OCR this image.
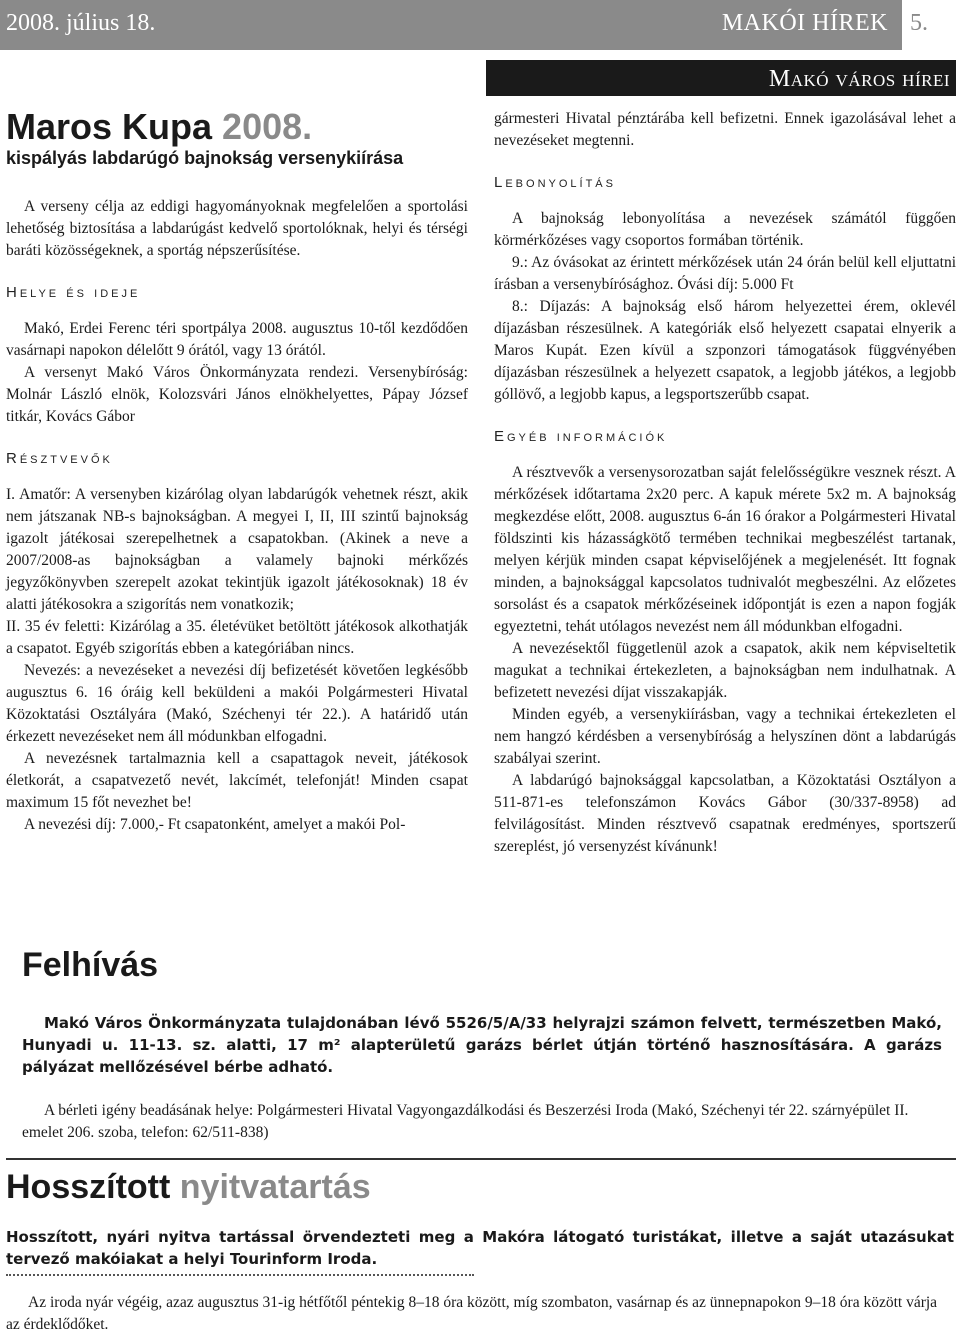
2008. július 18.	MAKÓI HÍREK 5.
Makó város hírei
Maros Kupa 2008.
kispályás labdarúgó bajnokság versenykiírása

A verseny célja az eddigi hagyományoknak megfelelően a sportolási lehetőség biztosítása a labdarúgást kedvelő sportolóknak, helyi és térségi baráti közösségeknek, a sportág népszerűsítése.

Helye és ideje

Makó, Erdei Ferenc téri sportpálya 2008. augusztus 10-től kezdődően vasárnapi napokon délelőtt 9 órától, vagy 13 órától.

A versenyt Makó Város Önkormányzata rendezi. Versenybíróság: Molnár László elnök, Kolozsvári János elnökhelyettes, Pápay József titkár, Kovács Gábor

Résztvevők

I. Amatőr: A versenyben kizárólag olyan labdarúgók vehetnek részt, akik nem játszanak NB-s bajnokságban. A megyei I, II, III szintű bajnokság igazolt játékosai szerepelhetnek a csapatokban. (Akinek a neve a 2007/2008-as bajnokságban a valamely bajnoki mérkőzés jegyzőkönyvben szerepelt azokat tekintjük igazolt játékosoknak) 18 év alatti játékosokra a szigorítás nem vonatkozik;

II. 35 év feletti: Kizárólag a 35. életévüket betöltött játékosok alkothatják a csapatot. Egyéb szigorítás ebben a kategóriában nincs.

Nevezés: a nevezéseket a nevezési díj befizetését követően legkésőbb augusztus 6. 16 óráig kell beküldeni a makói Polgármesteri Hivatal Közoktatási Osztályára (Makó, Széchenyi tér 22.). A határidő után érkezett nevezéseket nem áll módunkban elfogadni.

A nevezésnek tartalmaznia kell a csapattagok neveit, játékosok életkorát, a csapatvezető nevét, lakcímét, telefonját! Minden csapat maximum 15 főt nevezhet be!

A nevezési díj: 7.000,- Ft csapatonként, amelyet a makói Pol-

gármesteri Hivatal pénztárába kell befizetni. Ennek igazolásával lehet a nevezéseket megtenni.

Lebonyolítás

A bajnokság lebonyolítása a nevezések számától függően körmérkőzéses vagy csoportos formában történik.

9.: Az óvásokat az érintett mérkőzések után 24 órán belül kell eljuttatni írásban a versenybírósághoz. Óvási díj: 5.000 Ft

8.: Díjazás: A bajnokság első három helyezettei érem, oklevél díjazásban részesülnek. A kategóriák első helyezett csapatai elnyerik a Maros Kupát. Ezen kívül a szponzori támogatások függvényében díjazásban részesülnek a helyezett csapatok, a legjobb játékos, a legjobb góllövő, a legjobb kapus, a legsportszerűbb csapat.

Egyéb információk

A résztvevők a versenysorozatban saját felelősségükre vesznek részt. A mérkőzések időtartama 2x20 perc. A kapuk mérete 5x2 m. A bajnokság megkezdése előtt, 2008. augusztus 6-án 16 órakor a Polgármesteri Hivatal földszinti kis házasságkötő termében technikai megbeszélést tartanak, melyen kérjük minden csapat képviselőjének a megjelenését. Itt fognak minden, a bajnoksággal kapcsolatos tudnivalót megbeszélni. Az előzetes sorsolást és a csapatok mérkőzéseinek időpontját is ezen a napon fogják egyeztetni, tehát utólagos nevezést nem áll módunkban elfogadni.

A nevezésektől függetlenül azok a csapatok, akik nem képviseltetik magukat a technikai értekezleten, a bajnokságban nem indulhatnak. A befizetett nevezési díjat visszakapják.

Minden egyéb, a versenykiírásban, vagy a technikai értekezleten el nem hangzó kérdésben a versenybíróság a helyszínen dönt a labdarúgás szabályai szerint.

A labdarúgó bajnoksággal kapcsolatban, a Közoktatási Osztályon a 511-871-es telefonszámon Kovács Gábor (30/337-8958) ad felvilágosítást. Minden résztvevő csapatnak eredményes, sportszerű szereplést, jó versenyzést kívánunk!

Felhívás
Makó Város Önkormányzata tulajdonában lévő 5526/5/A/33 helyrajzi számon felvett, természetben Makó, Hunyadi u. 11-13. sz. alatti, 17 m² alapterületű garázs bérlet útján történő hasznosítására. A garázs pályázat mellőzésével bérbe adható.
A bérleti igény beadásának helye: Polgármesteri Hivatal Vagyongazdálkodási és Beszerzési Iroda (Makó, Széchenyi tér 22. szárnyépület II. emelet 206. szoba, telefon: 62/511-838)
Hosszított nyitvatartás
Hosszított, nyári nyitva tartással örvendezteti meg a Makóra látogató turistákat, illetve a saját utazásukat tervező makóiakat a helyi Tourinform Iroda.
Az iroda nyár végéig, azaz augusztus 31-ig hétfőtől péntekig 8–18 óra között, míg szombaton, vasárnap és az ünnepnapokon 9–18 óra között várja az érdeklődőket.
